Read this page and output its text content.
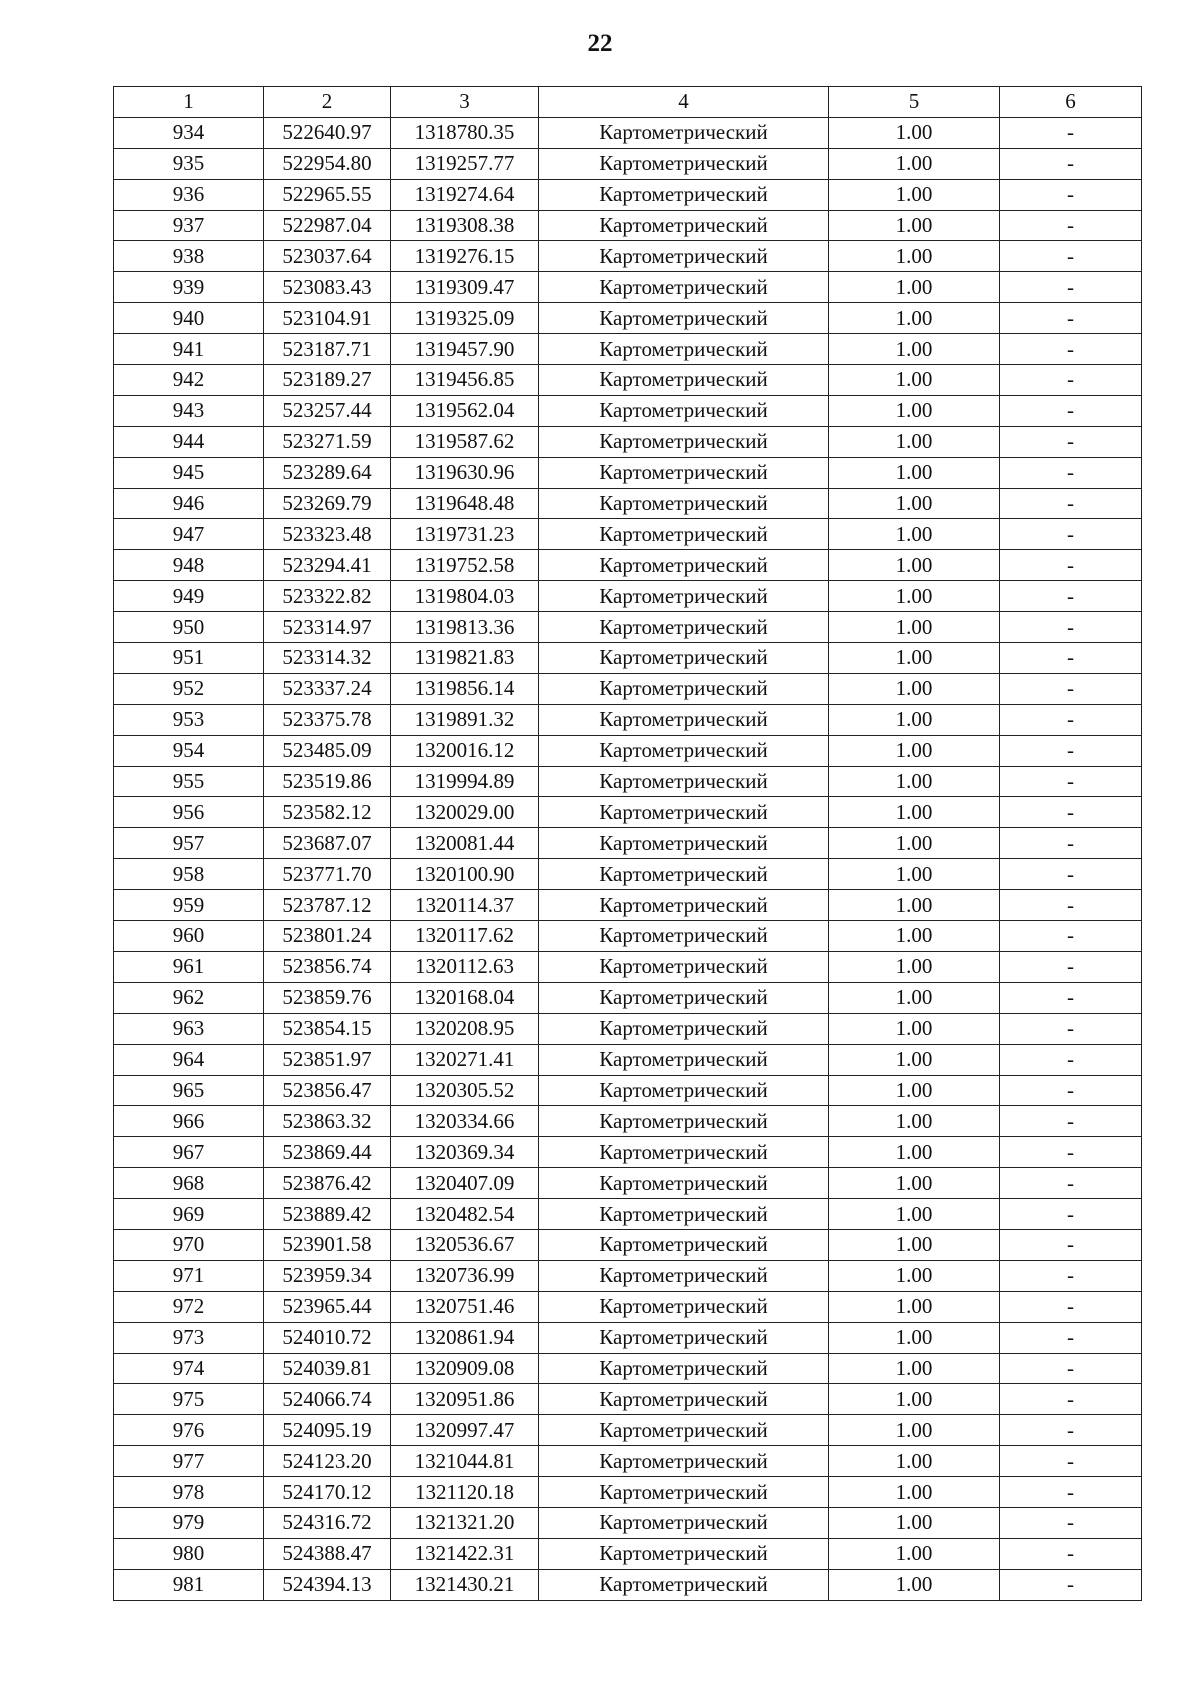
22
1	2	3	4	5	6
934	522640.97	1318780.35	Картометрический	1.00	-
935	522954.80	1319257.77	Картометрический	1.00	-
936	522965.55	1319274.64	Картометрический	1.00	-
937	522987.04	1319308.38	Картометрический	1.00	-
938	523037.64	1319276.15	Картометрический	1.00	-
939	523083.43	1319309.47	Картометрический	1.00	-
940	523104.91	1319325.09	Картометрический	1.00	-
941	523187.71	1319457.90	Картометрический	1.00	-
942	523189.27	1319456.85	Картометрический	1.00	-
943	523257.44	1319562.04	Картометрический	1.00	-
944	523271.59	1319587.62	Картометрический	1.00	-
945	523289.64	1319630.96	Картометрический	1.00	-
946	523269.79	1319648.48	Картометрический	1.00	-
947	523323.48	1319731.23	Картометрический	1.00	-
948	523294.41	1319752.58	Картометрический	1.00	-
949	523322.82	1319804.03	Картометрический	1.00	-
950	523314.97	1319813.36	Картометрический	1.00	-
951	523314.32	1319821.83	Картометрический	1.00	-
952	523337.24	1319856.14	Картометрический	1.00	-
953	523375.78	1319891.32	Картометрический	1.00	-
954	523485.09	1320016.12	Картометрический	1.00	-
955	523519.86	1319994.89	Картометрический	1.00	-
956	523582.12	1320029.00	Картометрический	1.00	-
957	523687.07	1320081.44	Картометрический	1.00	-
958	523771.70	1320100.90	Картометрический	1.00	-
959	523787.12	1320114.37	Картометрический	1.00	-
960	523801.24	1320117.62	Картометрический	1.00	-
961	523856.74	1320112.63	Картометрический	1.00	-
962	523859.76	1320168.04	Картометрический	1.00	-
963	523854.15	1320208.95	Картометрический	1.00	-
964	523851.97	1320271.41	Картометрический	1.00	-
965	523856.47	1320305.52	Картометрический	1.00	-
966	523863.32	1320334.66	Картометрический	1.00	-
967	523869.44	1320369.34	Картометрический	1.00	-
968	523876.42	1320407.09	Картометрический	1.00	-
969	523889.42	1320482.54	Картометрический	1.00	-
970	523901.58	1320536.67	Картометрический	1.00	-
971	523959.34	1320736.99	Картометрический	1.00	-
972	523965.44	1320751.46	Картометрический	1.00	-
973	524010.72	1320861.94	Картометрический	1.00	-
974	524039.81	1320909.08	Картометрический	1.00	-
975	524066.74	1320951.86	Картометрический	1.00	-
976	524095.19	1320997.47	Картометрический	1.00	-
977	524123.20	1321044.81	Картометрический	1.00	-
978	524170.12	1321120.18	Картометрический	1.00	-
979	524316.72	1321321.20	Картометрический	1.00	-
980	524388.47	1321422.31	Картометрический	1.00	-
981	524394.13	1321430.21	Картометрический	1.00	-
